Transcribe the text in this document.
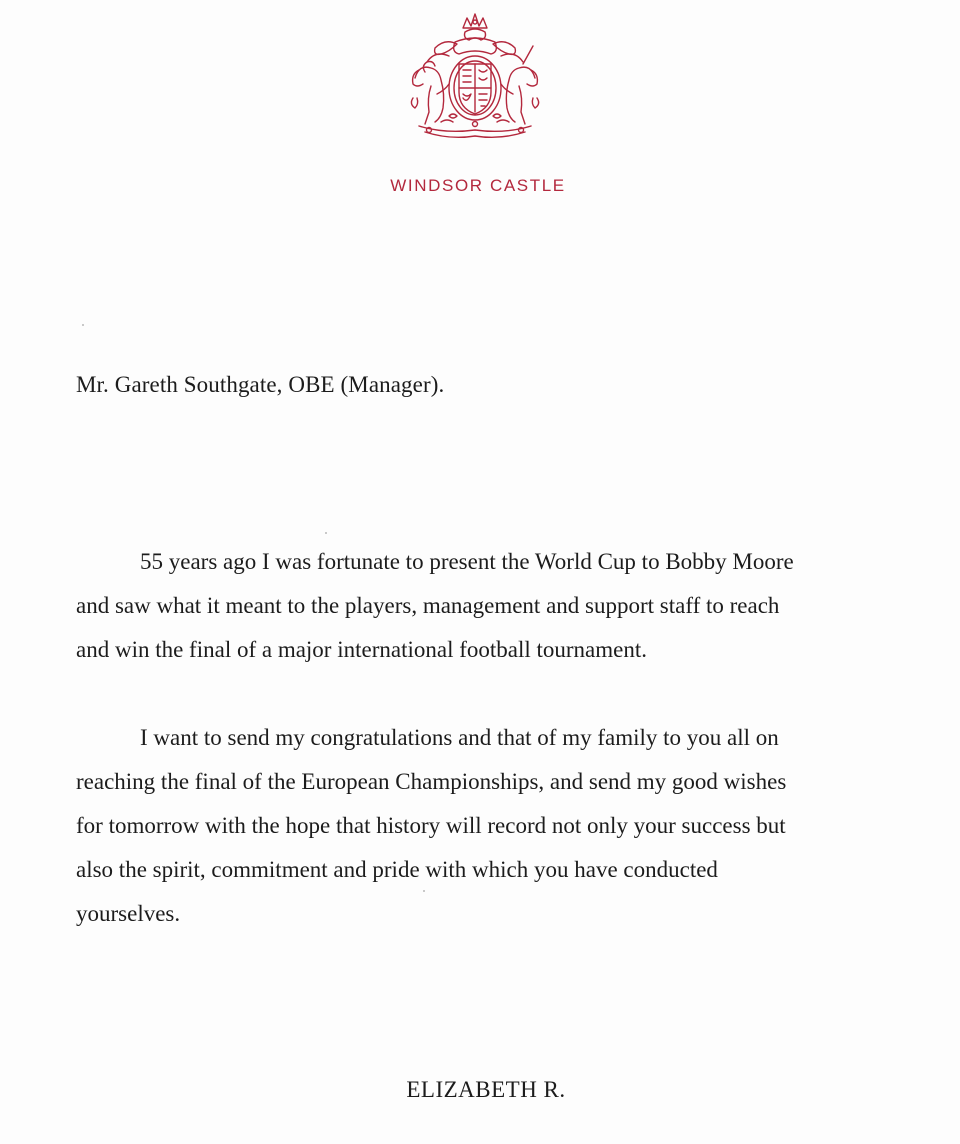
WINDSOR CASTLE
Mr. Gareth Southgate, OBE (Manager).

55 years ago I was fortunate to present the World Cup to Bobby Moore
and saw what it meant to the players, management and support staff to reach
and win the final of a major international football tournament.

I want to send my congratulations and that of my family to you all on
reaching the final of the European Championships, and send my good wishes
for tomorrow with the hope that history will record not only your success but
also the spirit, commitment and pride with which you have conducted
yourselves.

ELIZABETH R.
